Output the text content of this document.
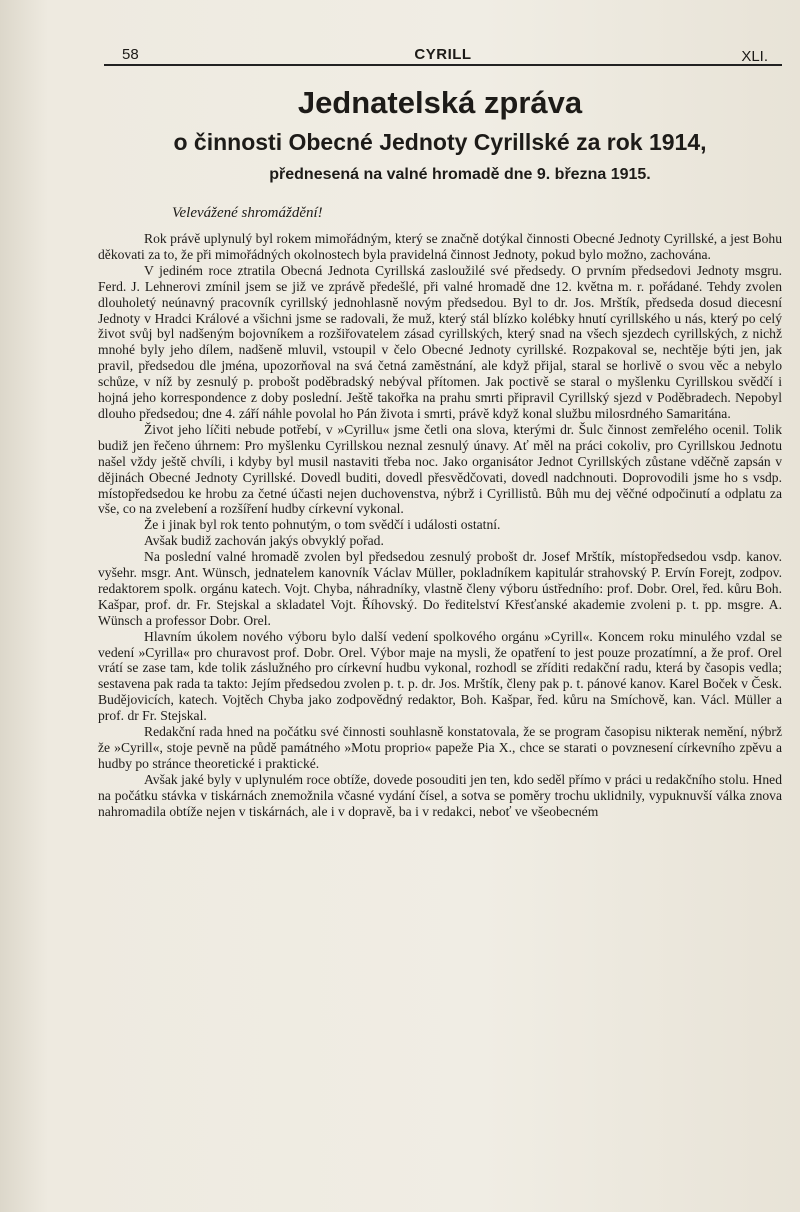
58	CYRILL	XLI.
Jednatelská zpráva
o činnosti Obecné Jednoty Cyrillské za rok 1914,
přednesená na valné hromadě dne 9. března 1915.
Velevážené shromáždění!

Rok právě uplynulý byl rokem mimořádným, který se značně dotýkal činnosti Obecné Jednoty Cyrillské, a jest Bohu děkovati za to, že při mimořádných okolnostech byla pravidelná činnost Jednoty, pokud bylo možno, zachována.

V jediném roce ztratila Obecná Jednota Cyrillská zasloužilé své předsedy. O prvním předsedovi Jednoty msgru. Ferd. J. Lehnerovi zmínil jsem se již ve zprávě předešlé, při valné hromadě dne 12. května m. r. pořádané. Tehdy zvolen dlouholetý neúnavný pracovník cyrillský jednohlasně novým předsedou. Byl to dr. Jos. Mrštík, předseda dosud diecesní Jednoty v Hradci Králové a všichni jsme se radovali, že muž, který stál blízko kolébky hnutí cyrillského u nás, který po celý život svůj byl nadšeným bojovníkem a rozšiřovatelem zásad cyrillských, který snad na všech sjezdech cyrillských, z nichž mnohé byly jeho dílem, nadšeně mluvil, vstoupil v čelo Obecné Jednoty cyrillské. Rozpakoval se, nechtěje býti jen, jak pravil, předsedou dle jména, upozorňoval na svá četná zaměstnání, ale když přijal, staral se horlivě o svou věc a nebylo schůze, v níž by zesnulý p. probošt poděbradský nebýval přítomen. Jak poctivě se staral o myšlenku Cyrillskou svědčí i hojná jeho korrespondence z doby poslední. Ještě takořka na prahu smrti připravil Cyrillský sjezd v Poděbradech. Nepobyl dlouho předsedou; dne 4. září náhle povolal ho Pán života i smrti, právě když konal službu milosrdného Samaritána.

Život jeho líčiti nebude potřebí, v »Cyrillu« jsme četli ona slova, kterými dr. Šulc činnost zemřelého ocenil. Tolik budiž jen řečeno úhrnem: Pro myšlenku Cyrillskou neznal zesnulý únavy. Ať měl na práci cokoliv, pro Cyrillskou Jednotu našel vždy ještě chvíli, i kdyby byl musil nastaviti třeba noc. Jako organisátor Jednot Cyrillských zůstane vděčně zapsán v dějinách Obecné Jednoty Cyrillské. Dovedl buditi, dovedl přesvědčovati, dovedl nadchnouti. Doprovodili jsme ho s vsdp. místopředsedou ke hrobu za četné účasti nejen duchovenstva, nýbrž i Cyrillistů. Bůh mu dej věčné odpočinutí a odplatu za vše, co na zvelebení a rozšíření hudby církevní vykonal.

Že i jinak byl rok tento pohnutým, o tom svědčí i události ostatní.

Avšak budiž zachován jakýs obvyklý pořad.

Na poslední valné hromadě zvolen byl předsedou zesnulý probošt dr. Josef Mrštík, místopředsedou vsdp. kanov. vyšehr. msgr. Ant. Wünsch, jednatelem kanovník Václav Müller, pokladníkem kapitulár strahovský P. Ervín Forejt, zodpov. redaktorem spolk. orgánu katech. Vojt. Chyba, náhradníky, vlastně členy výboru ústředního: prof. Dobr. Orel, řed. kůru Boh. Kašpar, prof. dr. Fr. Stejskal a skladatel Vojt. Říhovský. Do ředitelství Křesťanské akademie zvoleni p. t. pp. msgre. A. Wünsch a professor Dobr. Orel.

Hlavním úkolem nového výboru bylo další vedení spolkového orgánu »Cyrill«. Koncem roku minulého vzdal se vedení »Cyrilla« pro churavost prof. Dobr. Orel. Výbor maje na mysli, že opatření to jest pouze prozatímní, a že prof. Orel vrátí se zase tam, kde tolik záslužného pro církevní hudbu vykonal, rozhodl se zříditi redakční radu, která by časopis vedla; sestavena pak rada ta takto: Jejím předsedou zvolen p. t. p. dr. Jos. Mrštík, členy pak p. t. pánové kanov. Karel Boček v Česk. Budějovicích, katech. Vojtěch Chyba jako zodpovědný redaktor, Boh. Kašpar, řed. kůru na Smíchově, kan. Václ. Müller a prof. dr Fr. Stejskal.

Redakční rada hned na počátku své činnosti souhlasně konstatovala, že se program časopisu nikterak nemění, nýbrž že »Cyrill«, stoje pevně na půdě památného »Motu proprio« papeže Pia X., chce se starati o povznesení církevního zpěvu a hudby po stránce theoretické i praktické.

Avšak jaké byly v uplynulém roce obtíže, dovede posouditi jen ten, kdo seděl přímo v práci u redakčního stolu. Hned na počátku stávka v tiskárnách znemožnila včasné vydání čísel, a sotva se poměry trochu uklidnily, vypuknuvší válka znova nahromadila obtíže nejen v tiskárnách, ale i v dopravě, ba i v redakci, neboť ve všeobecném
